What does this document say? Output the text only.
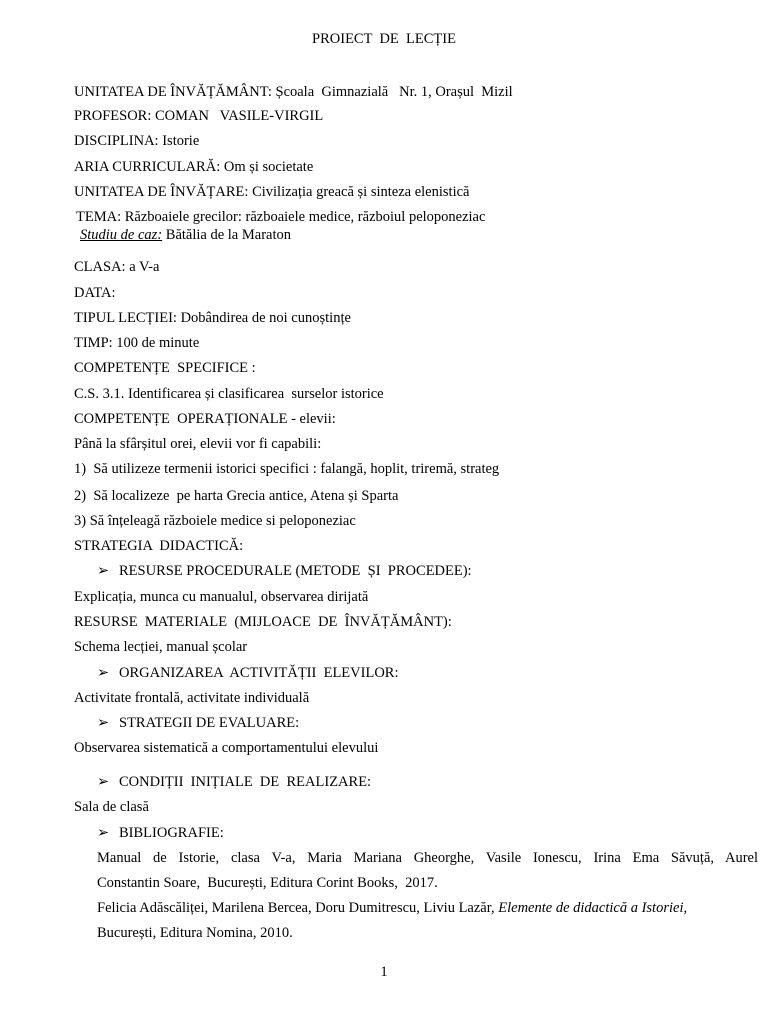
PROIECT  DE  LECȚIE
UNITATEA DE ÎNVĂȚĂMÂNT: Școala  Gimnazială   Nr. 1, Orașul  Mizil
PROFESOR: COMAN   VASILE-VIRGIL
DISCIPLINA: Istorie
ARIA CURRICULARĂ: Om și societate
UNITATEA DE ÎNVĂȚARE: Civilizația greacă și sinteza elenistică
TEMA: Războaiele grecilor: războaiele medice, războiul peloponeziac
Studiu de caz: Bătălia de la Maraton
CLASA: a V-a
DATA:
TIPUL LECȚIEI: Dobândirea de noi cunoștințe
TIMP: 100 de minute
COMPETENȚE  SPECIFICE :
C.S. 3.1. Identificarea și clasificarea  surselor istorice
COMPETENȚE  OPERAȚIONALE - elevii:
Până la sfârșitul orei, elevii vor fi capabili:
1)  Să utilizeze termenii istorici specifici : falangă, hoplit, triremă, strateg
2)  Să localizeze  pe harta Grecia antice, Atena și Sparta
3) Să înțeleagă războiele medice si peloponeziac
STRATEGIA  DIDACTICĂ:
➢ RESURSE PROCEDURALE (METODE  ȘI  PROCEDEE):
Explicația, munca cu manualul, observarea dirijată
RESURSE  MATERIALE  (MIJLOACE  DE  ÎNVĂȚĂMÂNT):
Schema lecției, manual școlar
➢ ORGANIZAREA  ACTIVITĂȚII  ELEVILOR:
Activitate frontală, activitate individuală
➢ STRATEGII DE EVALUARE:
Observarea sistematică a comportamentului elevului
➢ CONDIȚII  INIȚIALE  DE  REALIZARE:
Sala de clasă
➢ BIBLIOGRAFIE:
Manual de Istorie, clasa V-a, Maria Mariana Gheorghe, Vasile Ionescu, Irina Ema Săvuță, Aurel
Constantin Soare,  București, Editura Corint Books,  2017.
Felicia Adăscăliței, Marilena Bercea, Doru Dumitrescu, Liviu Lazăr, Elemente de didactică a Istoriei,
București, Editura Nomina, 2010.
1
